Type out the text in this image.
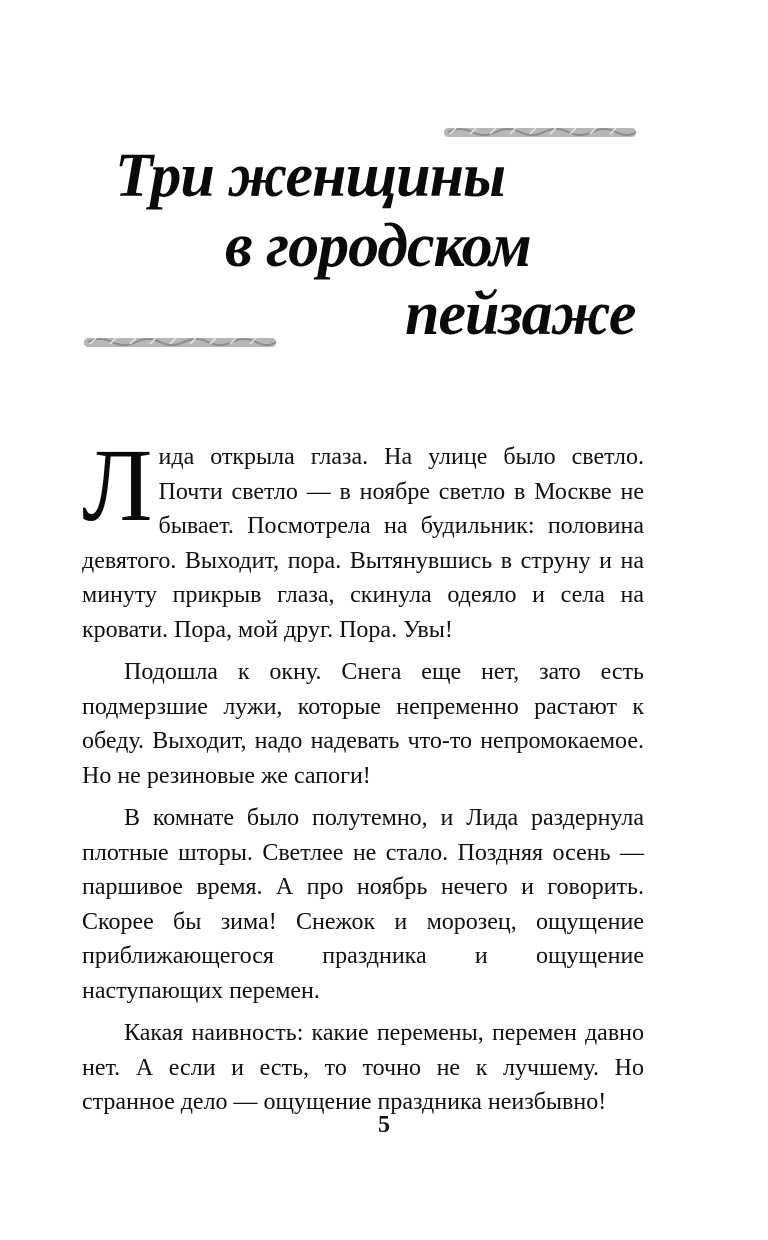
Три женщины
в городском
пейзаже

Лида открыла глаза. На улице было светло. Почти светло — в ноябре светло в Москве не бывает. Посмотрела на будильник: половина девятого. Выходит, пора. Вытянувшись в струну и на минуту прикрыв глаза, скинула одеяло и села на кровати. Пора, мой друг. Пора. Увы!

Подошла к окну. Снега еще нет, зато есть подмерзшие лужи, которые непременно растают к обеду. Выходит, надо надевать что-то непромокаемое. Но не резиновые же сапоги!

В комнате было полутемно, и Лида раздернула плотные шторы. Светлее не стало. Поздняя осень — паршивое время. А про ноябрь нечего и говорить. Скорее бы зима! Снежок и морозец, ощущение приближающегося праздника и ощущение наступающих перемен.

Какая наивность: какие перемены, перемен давно нет. А если и есть, то точно не к лучшему. Но странное дело — ощущение праздника неизбывно!

5
